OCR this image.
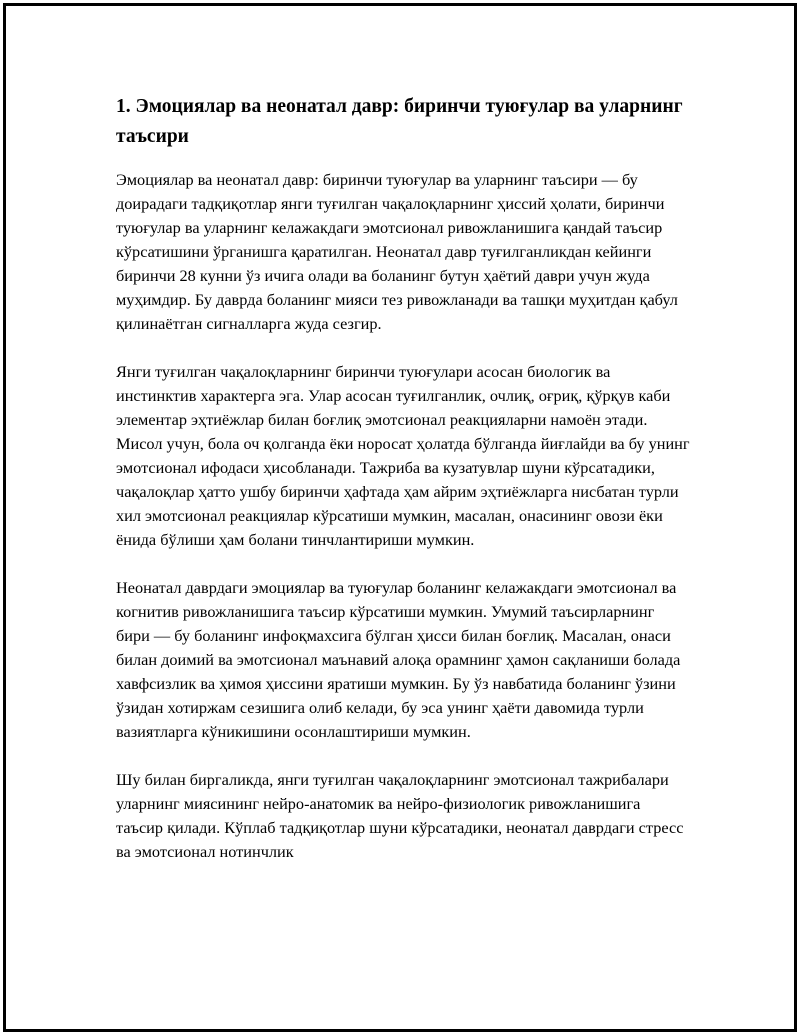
1. Эмоциялар ва неонатал давр: биринчи туюғулар ва уларнинг таъсири

Эмоциялар ва неонатал давр: биринчи туюғулар ва уларнинг таъсири — бу доирадаги тадқиқотлар янги туғилган чақалоқларнинг ҳиссий ҳолати, биринчи туюғулар ва уларнинг келажакдаги эмотсионал ривожланишига қандай таъсир кўрсатишини ўрганишга қаратилган. Неонатал давр туғилганликдан кейинги биринчи 28 кунни ўз ичига олади ва боланинг бутун ҳаётий даври учун жуда муҳимдир. Бу даврда боланинг мияси тез ривожланади ва ташқи муҳитдан қабул қилинаётган сигналларга жуда сезгир.

Янги туғилган чақалоқларнинг биринчи туюғулари асосан биологик ва инстинктив характерга эга. Улар асосан туғилганлик, очлиқ, оғриқ, қўрқув каби элементар эҳтиёжлар билан боғлиқ эмотсионал реакцияларни намоён этади. Мисол учун, бола оч қолганда ёки норосат ҳолатда бўлганда йиғлайди ва бу унинг эмотсионал ифодаси ҳисобланади. Тажриба ва кузатувлар шуни кўрсатадики, чақалоқлар ҳатто ушбу биринчи ҳафтада ҳам айрим эҳтиёжларга нисбатан турли хил эмотсионал реакциялар кўрсатиши мумкин, масалан, онасининг овози ёки ёнида бўлиши ҳам болани тинчлантириши мумкин.

Неонатал даврдаги эмоциялар ва туюғулар боланинг келажакдаги эмотсионал ва когнитив ривожланишига таъсир кўрсатиши мумкин. Умумий таъсирларнинг бири — бу боланинг инфоқмахсига бўлган ҳисси билан боғлиқ. Масалан, онаси билан доимий ва эмотсионал маънавий алоқа орамнинг ҳамон сақланиши болада хавфсизлик ва ҳимоя ҳиссини яратиши мумкин. Бу ўз навбатида боланинг ўзини ўзидан хотиржам сезишига олиб келади, бу эса унинг ҳаёти давомида турли вазиятларга кўникишини осонлаштириши мумкин.

Шу билан биргаликда, янги туғилган чақалоқларнинг эмотсионал тажрибалари уларнинг миясининг нейро-анатомик ва нейро-физиологик ривожланишига таъсир қилади. Кўплаб тадқиқотлар шуни кўрсатадики, неонатал даврдаги стресс ва эмотсионал нотинчлик
